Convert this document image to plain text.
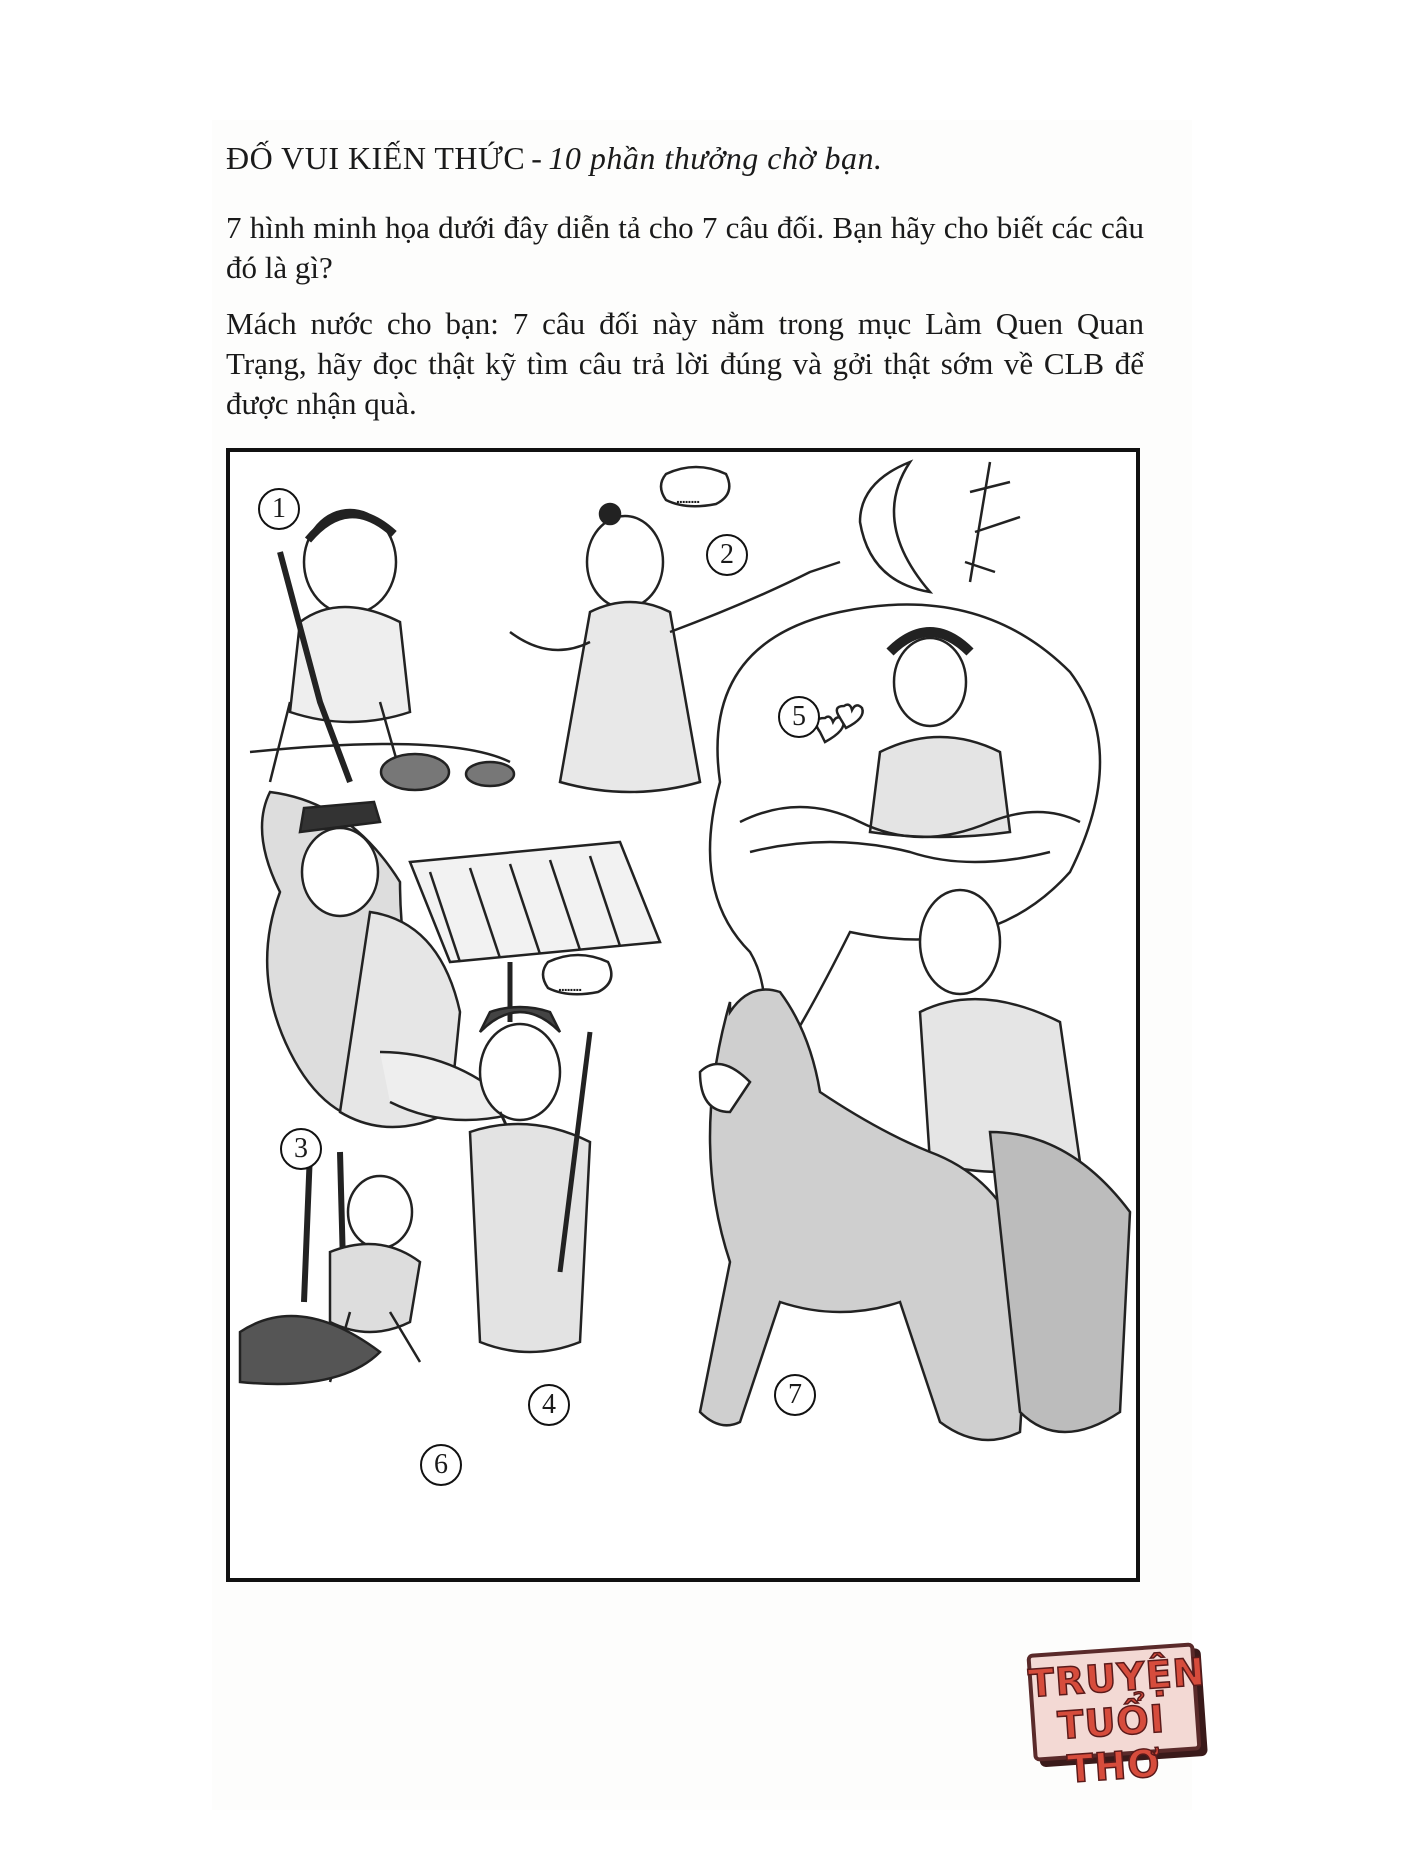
ĐỐ VUI KIẾN THỨC - 10 phần thưởng chờ bạn.
7 hình minh họa dưới đây diễn tả cho 7 câu đối. Bạn hãy cho biết các câu đó là gì?
Mách nước cho bạn: 7 câu đối này nằm trong mục Làm Quen Quan Trạng, hãy đọc thật kỹ tìm câu trả lời đúng và gởi thật sớm về CLB để được nhận quà.
1
2
3
4
5
6
7
........
........
TRUYỆN
TUỔI THƠ
